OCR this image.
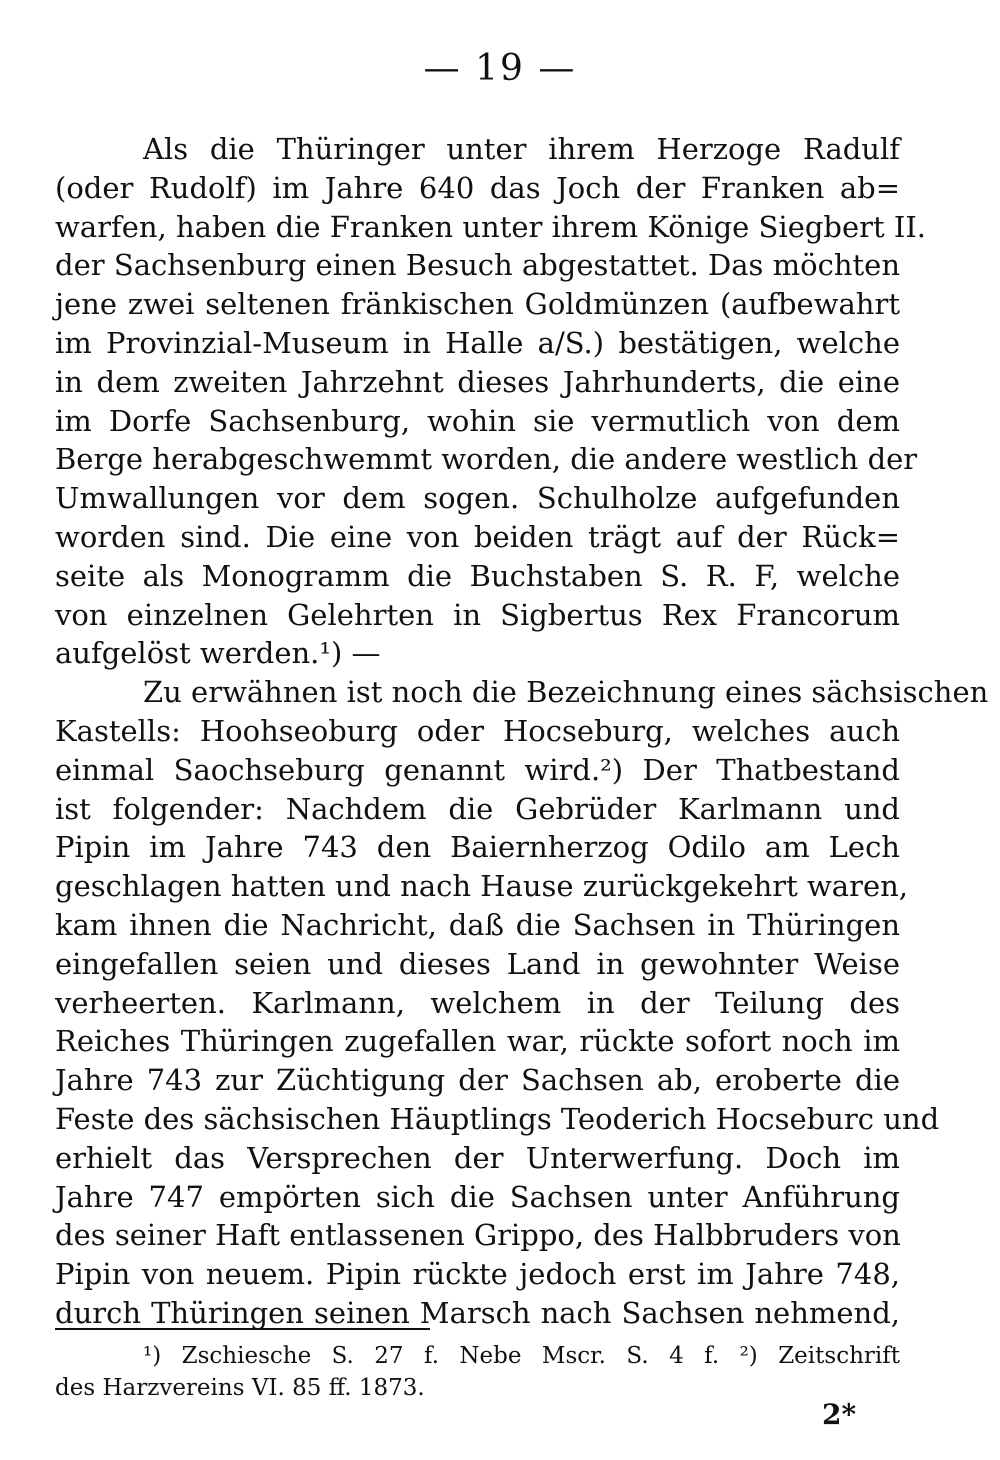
— 19 —
Als die Thüringer unter ihrem Herzoge Radulf
(oder Rudolf) im Jahre 640 das Joch der Franken ab=
warfen, haben die Franken unter ihrem Könige Siegbert II.
der Sachsenburg einen Besuch abgestattet. Das möchten
jene zwei seltenen fränkischen Goldmünzen (aufbewahrt
im Provinzial-Museum in Halle a/S.) bestätigen, welche
in dem zweiten Jahrzehnt dieses Jahrhunderts, die eine
im Dorfe Sachsenburg, wohin sie vermutlich von dem
Berge herabgeschwemmt worden, die andere westlich der
Umwallungen vor dem sogen. Schulholze aufgefunden
worden sind. Die eine von beiden trägt auf der Rück=
seite als Monogramm die Buchstaben S. R. F, welche
von einzelnen Gelehrten in Sigbertus Rex Francorum
aufgelöst werden.¹) —
Zu erwähnen ist noch die Bezeichnung eines sächsischen
Kastells: Hoohseoburg oder Hocseburg, welches auch
einmal Saochseburg genannt wird.²) Der Thatbestand
ist folgender: Nachdem die Gebrüder Karlmann und
Pipin im Jahre 743 den Baiernherzog Odilo am Lech
geschlagen hatten und nach Hause zurückgekehrt waren,
kam ihnen die Nachricht, daß die Sachsen in Thüringen
eingefallen seien und dieses Land in gewohnter Weise
verheerten. Karlmann, welchem in der Teilung des
Reiches Thüringen zugefallen war, rückte sofort noch im
Jahre 743 zur Züchtigung der Sachsen ab, eroberte die
Feste des sächsischen Häuptlings Teoderich Hocseburc und
erhielt das Versprechen der Unterwerfung. Doch im
Jahre 747 empörten sich die Sachsen unter Anführung
des seiner Haft entlassenen Grippo, des Halbbruders von
Pipin von neuem. Pipin rückte jedoch erst im Jahre 748,
durch Thüringen seinen Marsch nach Sachsen nehmend,
¹) Zschiesche S. 27 f. Nebe Mscr. S. 4 f. ²) Zeitschrift
des Harzvereins VI. 85 ff. 1873.
2*
